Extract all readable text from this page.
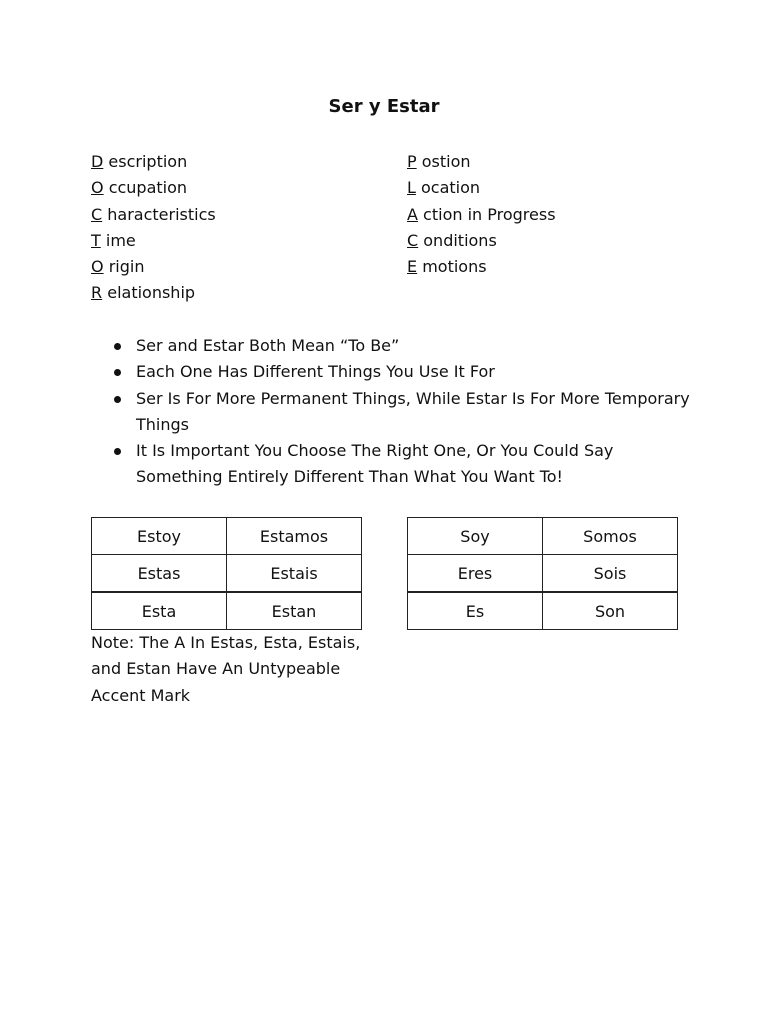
Ser y Estar
D escription
O ccupation
C haracteristics
T ime
O rigin
R elationship
P ostion
L ocation
A ction in Progress
C onditions
E motions
Ser and Estar Both Mean “To Be”
Each One Has Different Things You Use It For
Ser Is For More Permanent Things, While Estar Is For More Temporary Things
It Is Important You Choose The Right One, Or You Could Say Something Entirely Different Than What You Want To!
Estoy	Estamos
Estas	Estais
Esta	Estan
Soy	Somos
Eres	Sois
Es	Son

Note: The A In Estas, Esta, Estais, and Estan Have An Untypeable Accent Mark
